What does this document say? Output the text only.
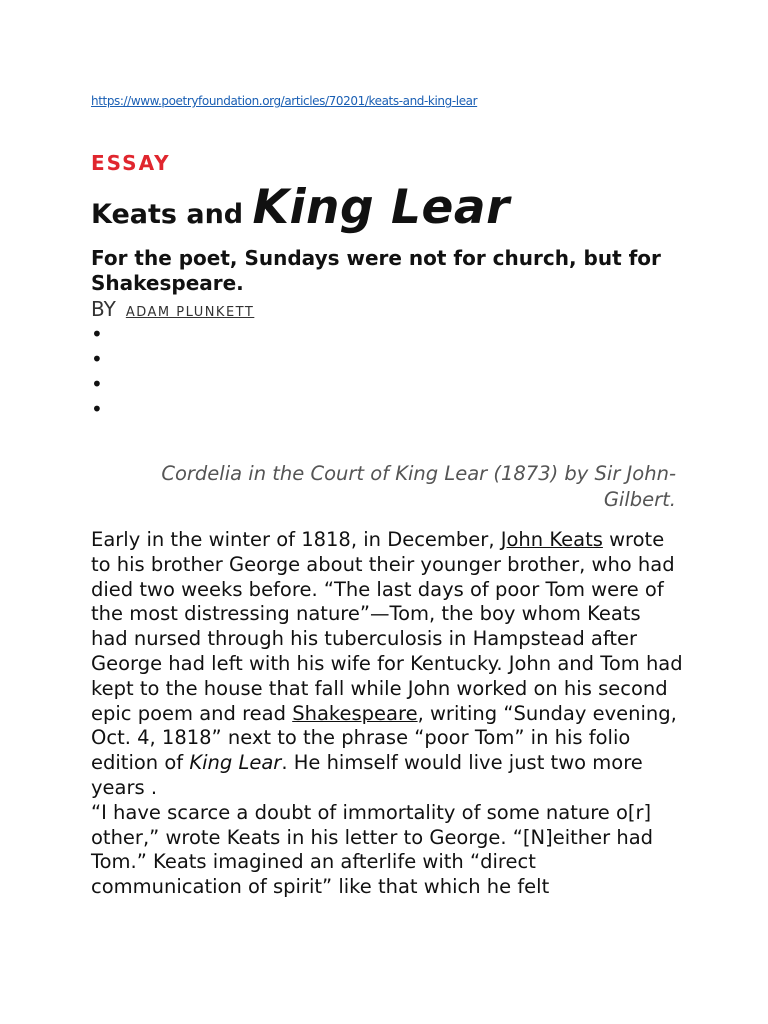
https://www.poetryfoundation.org/articles/70201/keats-and-king-lear
ESSAY
Keats and King Lear
For the poet, Sundays were not for church, but for Shakespeare.
BY ADAM PLUNKETT
•
•
•
•
Cordelia in the Court of King Lear (1873) by Sir John-Gilbert.

Early in the winter of 1818, in December, John Keats wrote to his brother George about their younger brother, who had died two weeks before. “The last days of poor Tom were of the most distressing nature”—Tom, the boy whom Keats had nursed through his tuberculosis in Hampstead after George had left with his wife for Kentucky. John and Tom had kept to the house that fall while John worked on his second epic poem and read Shakespeare, writing “Sunday evening, Oct. 4, 1818” next to the phrase “poor Tom” in his folio edition of King Lear. He himself would live just two more years .

“I have scarce a doubt of immortality of some nature o[r] other,” wrote Keats in his letter to George. “[N]either had Tom.” Keats imagined an afterlife with “direct communication of spirit” like that which he felt
